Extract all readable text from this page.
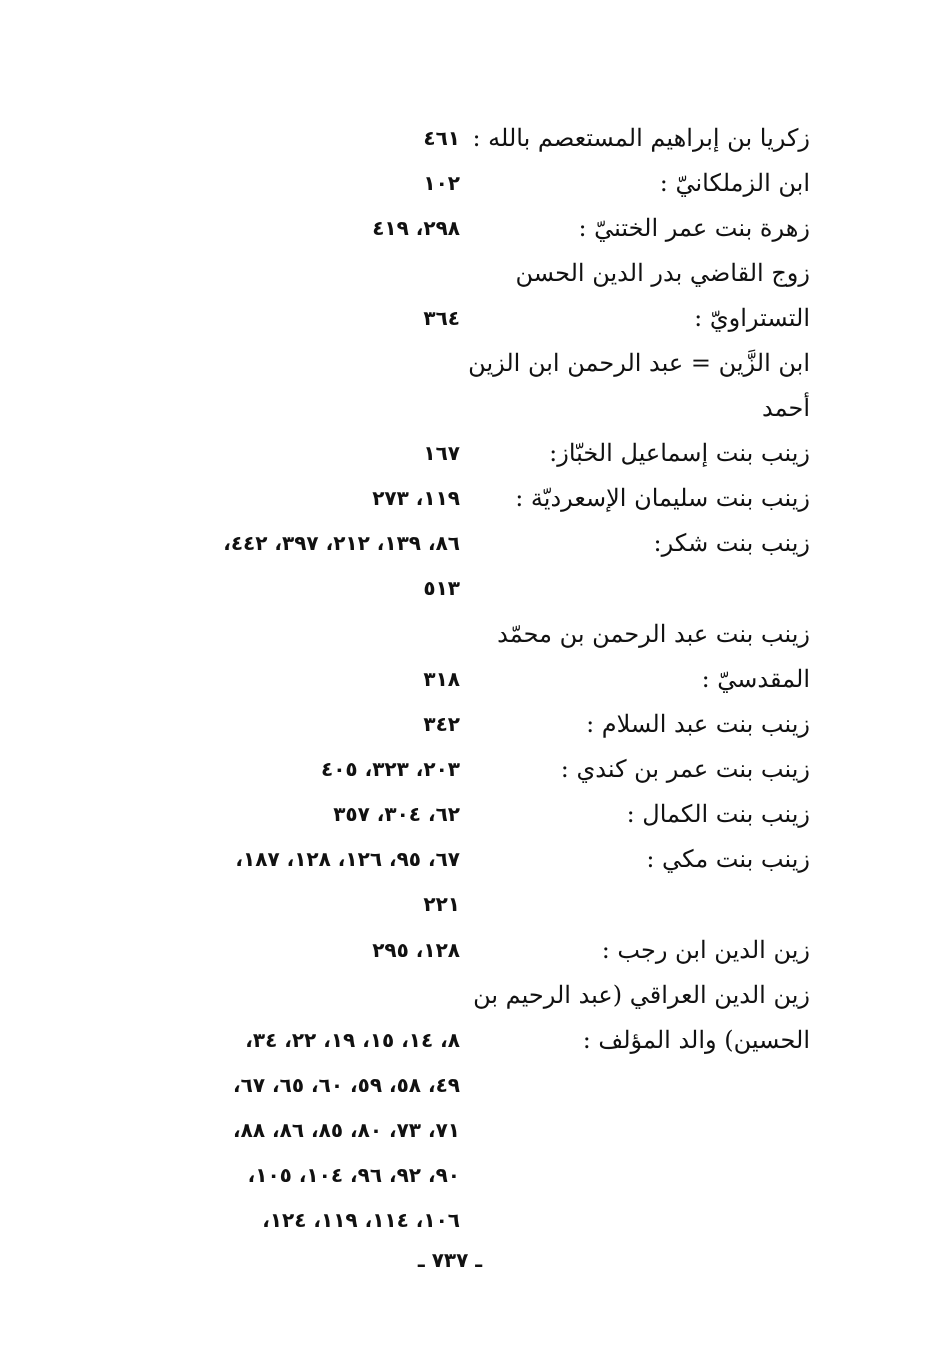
زكريا بن إبراهيم المستعصم بالله :
٤٦١
ابن الزملكانيّ :
١٠٢
زهرة بنت عمر الختنيّ :
٢٩٨، ٤١٩
زوج القاضي بدر الدين الحسن
التستراويّ :
٣٦٤
ابن الزَّين = عبد الرحمن ابن الزين
أحمد
زينب بنت إسماعيل الخبّاز:
١٦٧
زينب بنت سليمان الإسعرديّة :
١١٩، ٢٧٣
زينب بنت شكر:
٨٦، ١٣٩، ٢١٢، ٣٩٧، ٤٤٢،
٥١٣
زينب بنت عبد الرحمن بن محمّد
المقدسيّ :
٣١٨
زينب بنت عبد السلام :
٣٤٢
زينب بنت عمر بن كندي :
٢٠٣، ٣٢٣، ٤٠٥
زينب بنت الكمال :
٦٢، ٣٠٤، ٣٥٧
زينب بنت مكي :
٦٧، ٩٥، ١٢٦، ١٢٨، ١٨٧،
٢٢١
زين الدين ابن رجب :
١٢٨، ٢٩٥
زين الدين العراقي (عبد الرحيم بن
الحسين) والد المؤلف :
٨، ١٤، ١٥، ١٩، ٢٢، ٣٤،
٤٩، ٥٨، ٥٩، ٦٠، ٦٥، ٦٧،
٧١، ٧٣، ٨٠، ٨٥، ٨٦، ٨٨،
٩٠، ٩٢، ٩٦، ١٠٤، ١٠٥،
١٠٦، ١١٤، ١١٩، ١٢٤،
ـ ٧٣٧ ـ
